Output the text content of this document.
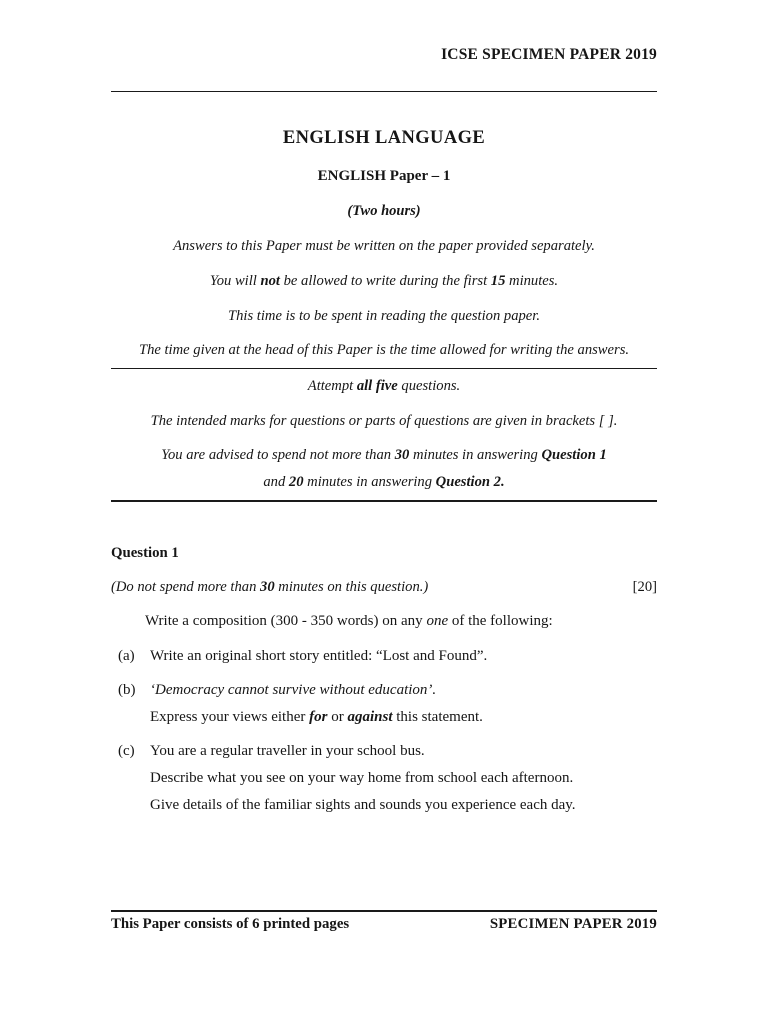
ICSE SPECIMEN PAPER 2019
ENGLISH LANGUAGE
ENGLISH Paper – 1
(Two hours)
Answers to this Paper must be written on the paper provided separately.
You will not be allowed to write during the first 15 minutes.
This time is to be spent in reading the question paper.
The time given at the head of this Paper is the time allowed for writing the answers.
Attempt all five questions.
The intended marks for questions or parts of questions are given in brackets [ ].
You are advised to spend not more than 30 minutes in answering Question 1
and 20 minutes in answering Question 2.
Question 1
(Do not spend more than 30 minutes on this question.)	[20]
Write a composition (300 - 350 words) on any one of the following:
(a)	Write an original short story entitled: “Lost and Found”.
(b) ‘Democracy cannot survive without education’.
Express your views either for or against this statement.
(c)	You are a regular traveller in your school bus.
Describe what you see on your way home from school each afternoon.
Give details of the familiar sights and sounds you experience each day.
This Paper consists of 6 printed pages	SPECIMEN PAPER 2019
